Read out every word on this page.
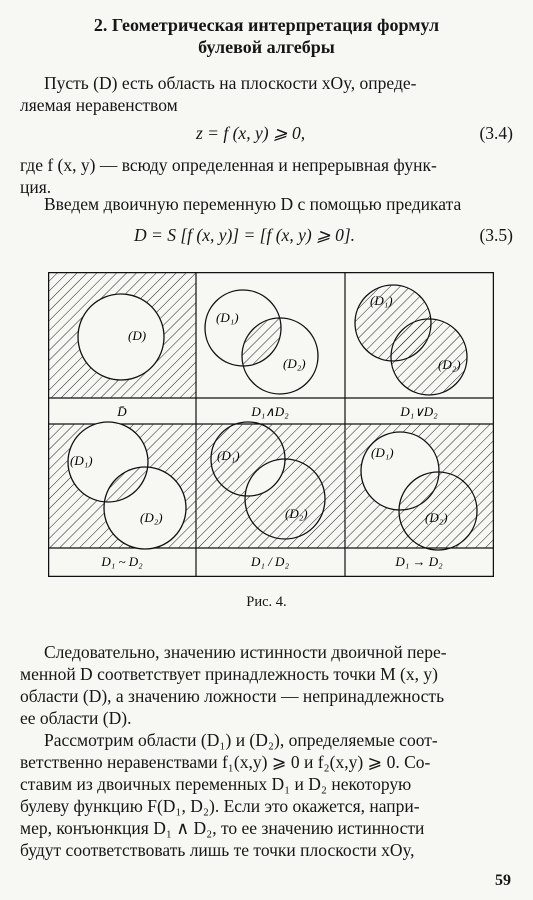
2. Геометрическая интерпретация формул

булевой алгебры

Пусть (D) есть область на плоскости xOy, опреде-

ляемая неравенством

z = f (x, y) ⩾ 0,	(3.4)

где f (x, y) — всюду определенная и непрерывная функ-

ция.

Введем двоичную переменную D с помощью предиката

D = S [f (x, y)] = [f (x, y) ⩾ 0].	(3.5)

(D)
D̄
(D₁)
(D₂)
D₁∧D₂
(D₁)
(D₂)
D₁∨D₂
(D₁)
(D₂)
D₁ ~ D₂
(D₁)
(D₂)
D₁ / D₂
(D₁)
(D₂)
D₁ → D₂

Рис. 4.

Следовательно, значению истинности двоичной пере-

менной D соответствует принадлежность точки M (x, y)

области (D), а значению ложности — непринадлежность

ее области (D).

Рассмотрим области (D₁) и (D₂), определяемые соот-

ветственно неравенствами f₁(x,y) ⩾ 0 и f₂(x,y) ⩾ 0. Со-

ставим из двоичных переменных D₁ и D₂ некоторую

булеву функцию F(D₁, D₂). Если это окажется, напри-

мер, конъюнкция D₁ ∧ D₂, то ее значению истинности

будут соответствовать лишь те точки плоскости xOy,

59
